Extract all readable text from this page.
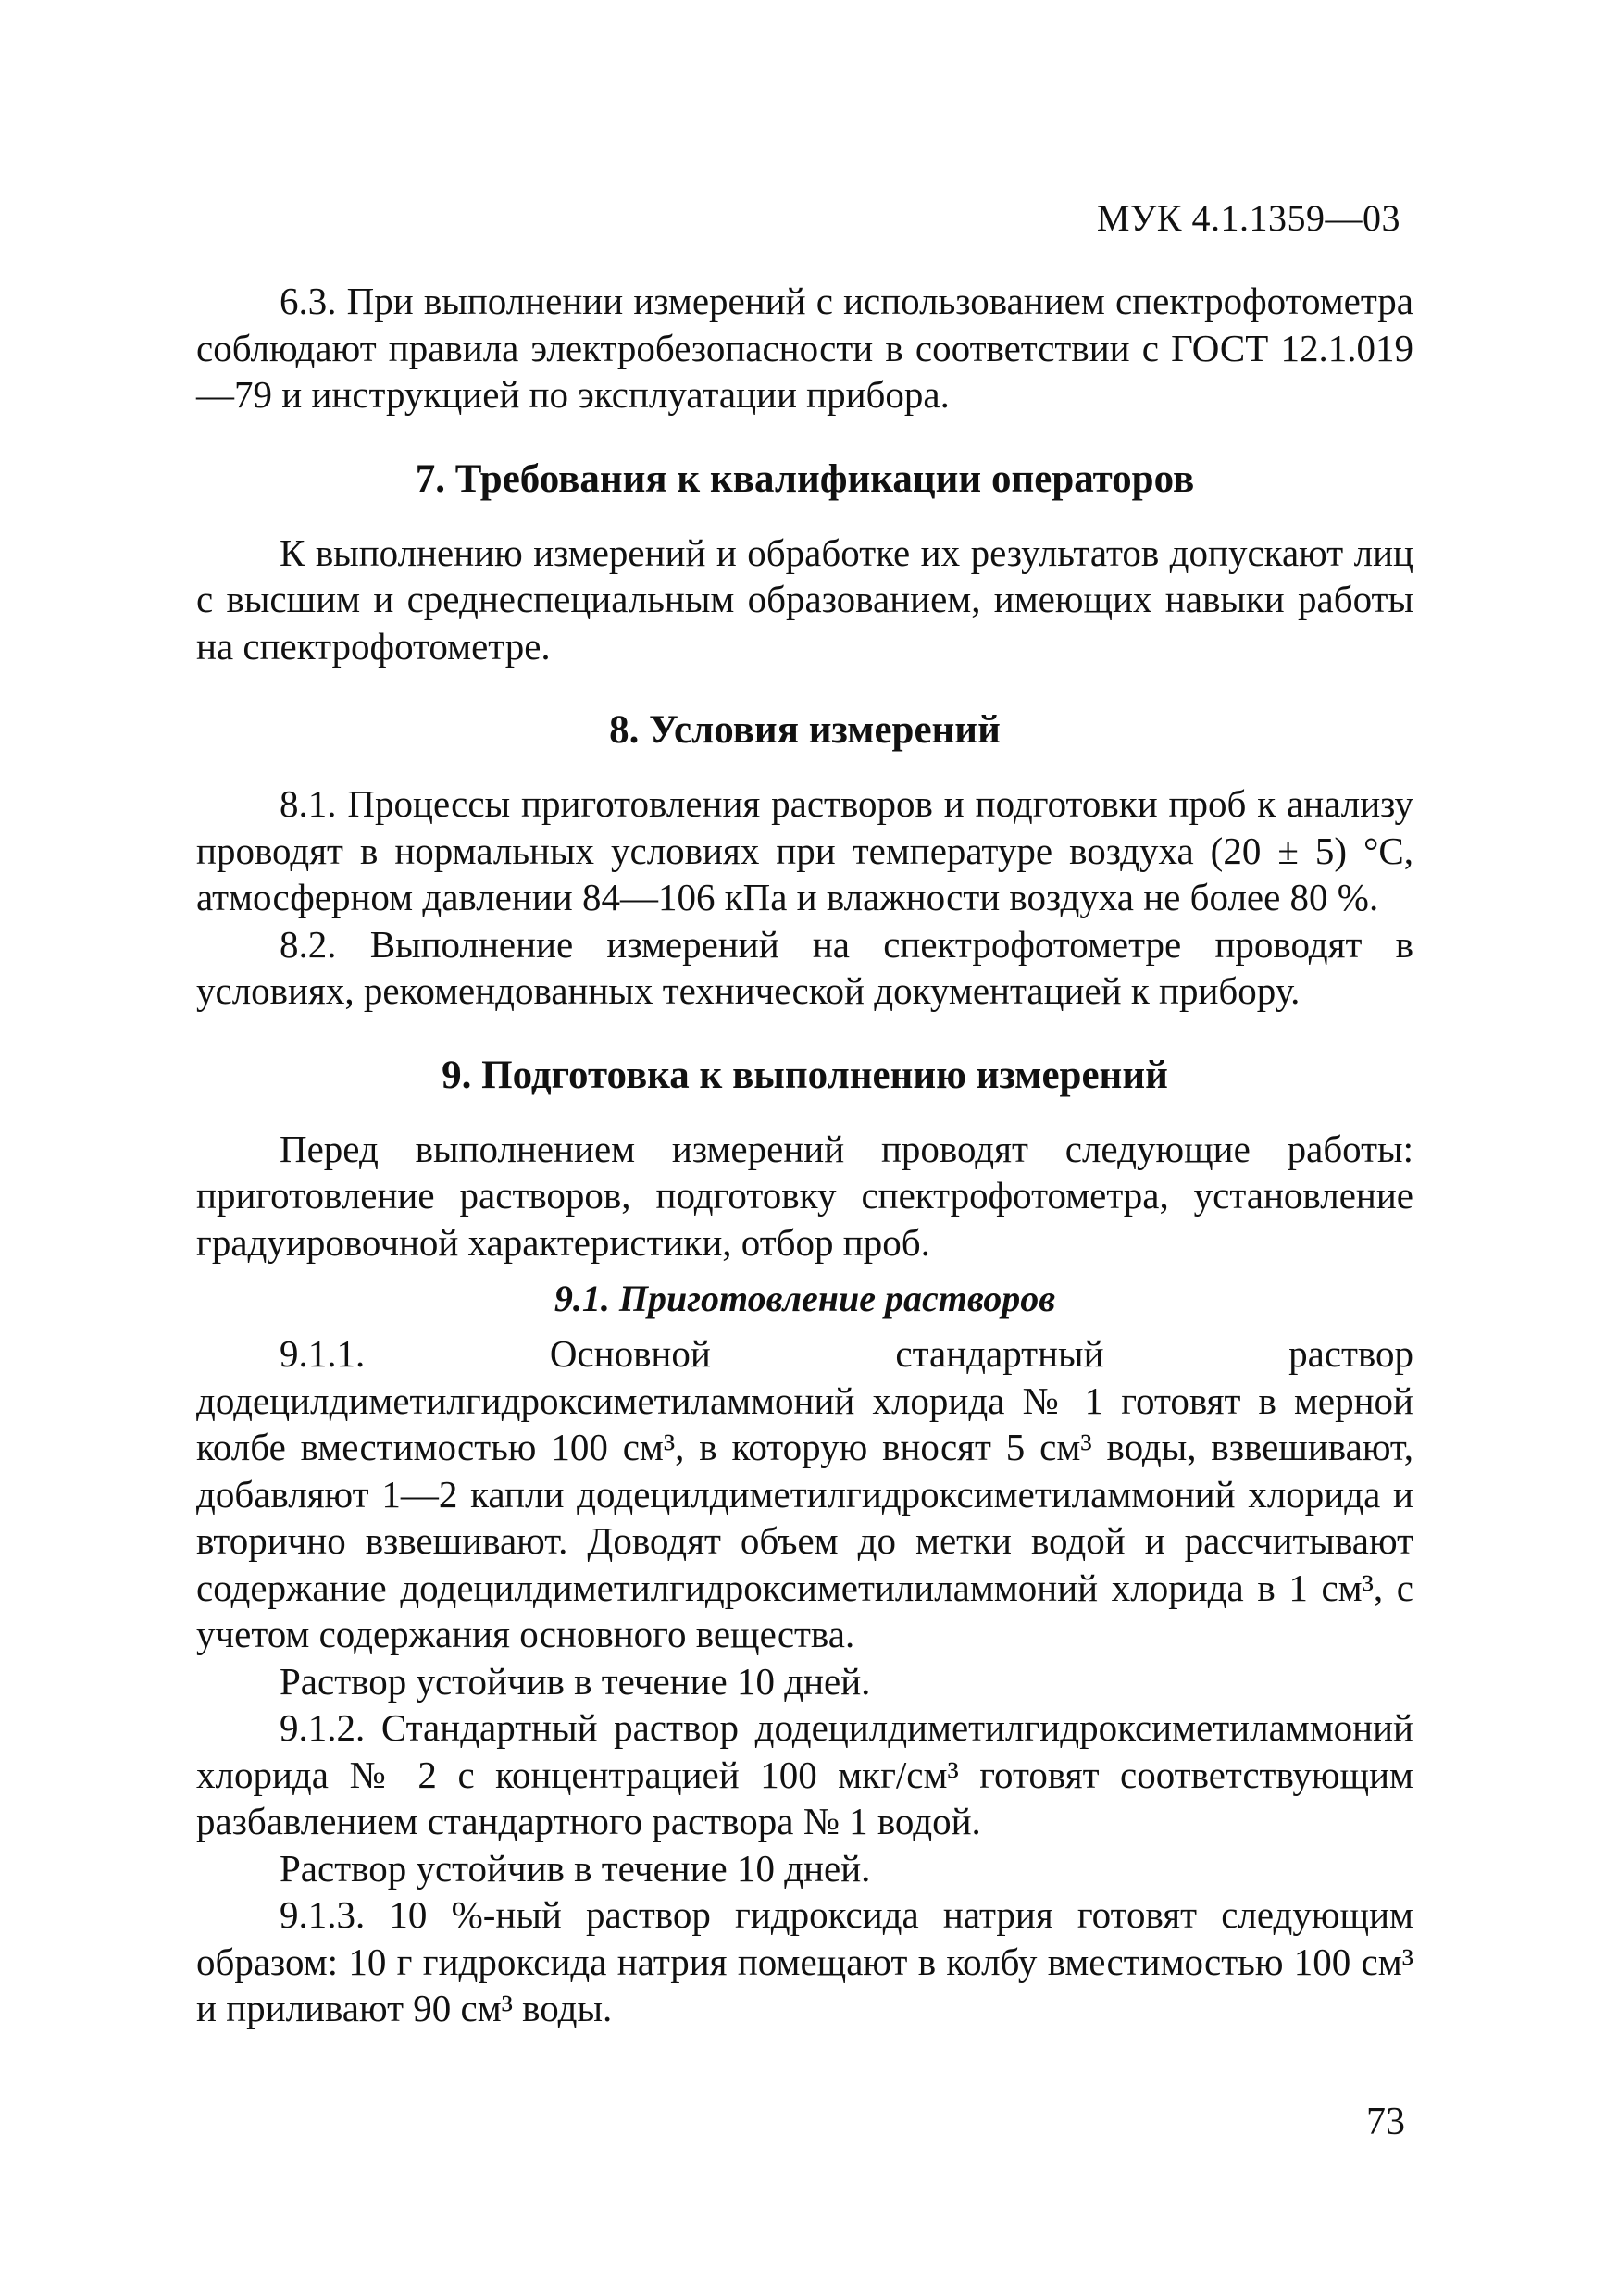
МУК 4.1.1359—03

6.3. При выполнении измерений с использованием спектрофотометра соблюдают правила электробезопасности в соответствии с ГОСТ 12.1.019—79 и инструкцией по эксплуатации прибора.

7. Требования к квалификации операторов

К выполнению измерений и обработке их результатов допускают лиц с высшим и среднеспециальным образованием, имеющих навыки работы на спектрофотометре.

8. Условия измерений

8.1. Процессы приготовления растворов и подготовки проб к анализу проводят в нормальных условиях при температуре воздуха (20 ± 5) °С, атмосферном давлении 84—106 кПа и влажности воздуха не более 80 %.

8.2. Выполнение измерений на спектрофотометре проводят в условиях, рекомендованных технической документацией к прибору.

9. Подготовка к выполнению измерений

Перед выполнением измерений проводят следующие работы: приготовление растворов, подготовку спектрофотометра, установление градуировочной характеристики, отбор проб.

9.1. Приготовление растворов

9.1.1. Основной стандартный раствор додецилдиметилгидроксиметиламмоний хлорида № 1 готовят в мерной колбе вместимостью 100 см³, в которую вносят 5 см³ воды, взвешивают, добавляют 1—2 капли додецилдиметилгидроксиметиламмоний хлорида и вторично взвешивают. Доводят объем до метки водой и рассчитывают содержание додецилдиметилгидроксиметилиламмоний хлорида в 1 см³, с учетом содержания основного вещества.

Раствор устойчив в течение 10 дней.

9.1.2. Стандартный раствор додецилдиметилгидроксиметиламмоний хлорида № 2 с концентрацией 100 мкг/см³ готовят соответствующим разбавлением стандартного раствора № 1 водой.

Раствор устойчив в течение 10 дней.

9.1.3. 10 %-ный раствор гидроксида натрия готовят следующим образом: 10 г гидроксида натрия помещают в колбу вместимостью 100 см³ и приливают 90 см³ воды.

73
